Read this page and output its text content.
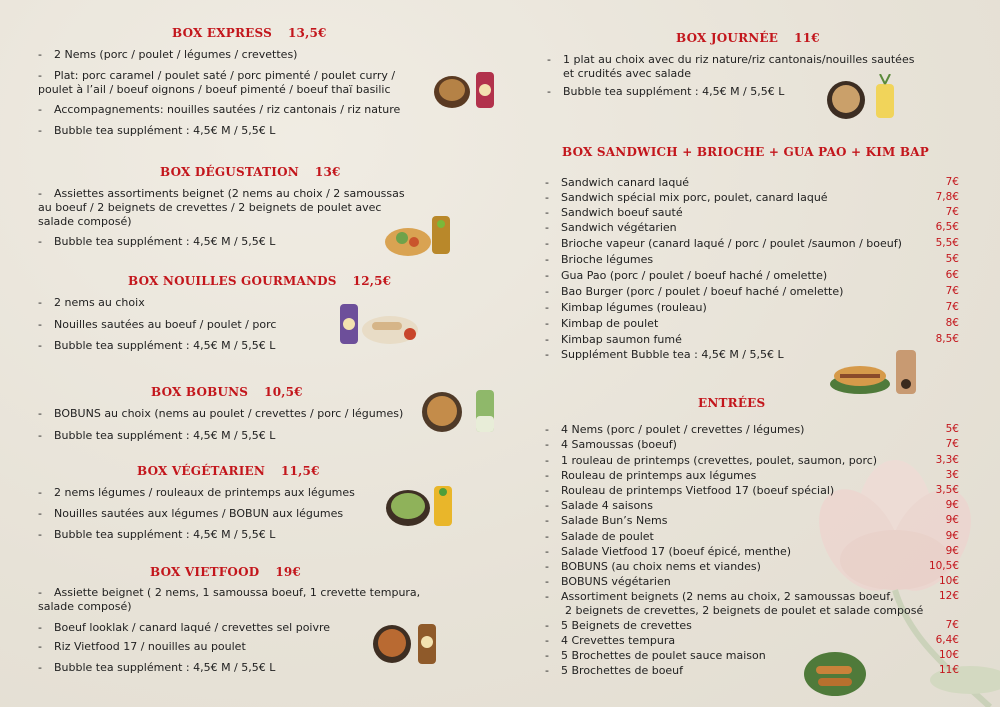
BOX EXPRESS 13,5€
- 2 Nems (porc / poulet / légumes / crevettes)
- Plat: porc caramel / poulet saté / porc pimenté / poulet curry /
poulet à l’ail / boeuf oignons / boeuf pimenté / boeuf thaï basilic
- Accompagnements: nouilles sautées / riz cantonais / riz nature
- Bubble tea supplément : 4,5€ M / 5,5€ L
BOX DÉGUSTATION 13€
- Assiettes assortiments beignet (2 nems au choix / 2 samoussas
au boeuf / 2 beignets de crevettes / 2 beignets de poulet avec
salade composé)
- Bubble tea supplément : 4,5€ M / 5,5€ L
BOX NOUILLES GOURMANDS 12,5€
- 2 nems au choix
- Nouilles sautées au boeuf / poulet / porc
- Bubble tea supplément : 4,5€ M / 5,5€ L
BOX BOBUNS 10,5€
- BOBUNS au choix (nems au poulet / crevettes / porc / légumes)
- Bubble tea supplément : 4,5€ M / 5,5€ L
BOX VÉGÉTARIEN 11,5€
- 2 nems légumes / rouleaux de printemps aux légumes
- Nouilles sautées aux légumes / BOBUN aux légumes
- Bubble tea supplément : 4,5€ M / 5,5€ L
BOX VIETFOOD 19€
- Assiette beignet ( 2 nems, 1 samoussa boeuf, 1 crevette tempura,
salade composé)
- Boeuf looklak / canard laqué / crevettes sel poivre
- Riz Vietfood 17 / nouilles au poulet
- Bubble tea supplément : 4,5€ M / 5,5€ L
BOX JOURNÉE 11€
- 1 plat au choix avec du riz nature/riz cantonais/nouilles sautées
et crudités avec salade
- Bubble tea supplément : 4,5€ M / 5,5€ L
BOX SANDWICH + BRIOCHE + GUA PAO + KIM BAP
- Sandwich canard laqué	7€
- Sandwich spécial mix porc, poulet, canard laqué	7,8€
- Sandwich boeuf sauté	7€
- Sandwich végétarien	6,5€
- Brioche vapeur (canard laqué / porc / poulet /saumon / boeuf)	5,5€
- Brioche légumes	5€
- Gua Pao (porc / poulet / boeuf haché / omelette)	6€
- Bao Burger (porc / poulet / boeuf haché / omelette)	7€
- Kimbap légumes (rouleau)	7€
- Kimbap de poulet	8€
- Kimbap saumon fumé	8,5€
- Supplément Bubble tea : 4,5€ M / 5,5€ L
ENTRÉES
- 4 Nems (porc / poulet / crevettes / légumes)	5€
- 4 Samoussas (boeuf)	7€
- 1 rouleau de printemps (crevettes, poulet, saumon, porc)	3,3€
- Rouleau de printemps aux légumes	3€
- Rouleau de printemps Vietfood 17 (boeuf spécial)	3,5€
- Salade 4 saisons	9€
- Salade Bun’s Nems	9€
- Salade de poulet	9€
- Salade Vietfood 17 (boeuf épicé, menthe)	9€
- BOBUNS (au choix nems et viandes)	10,5€
- BOBUNS végétarien	10€
- Assortiment beignets (2 nems au choix, 2 samoussas boeuf,	12€
2 beignets de crevettes, 2 beignets de poulet et salade composé
- 5 Beignets de crevettes	7€
- 4 Crevettes tempura	6,4€
- 5 Brochettes de poulet sauce maison	10€
- 5 Brochettes de boeuf	11€
